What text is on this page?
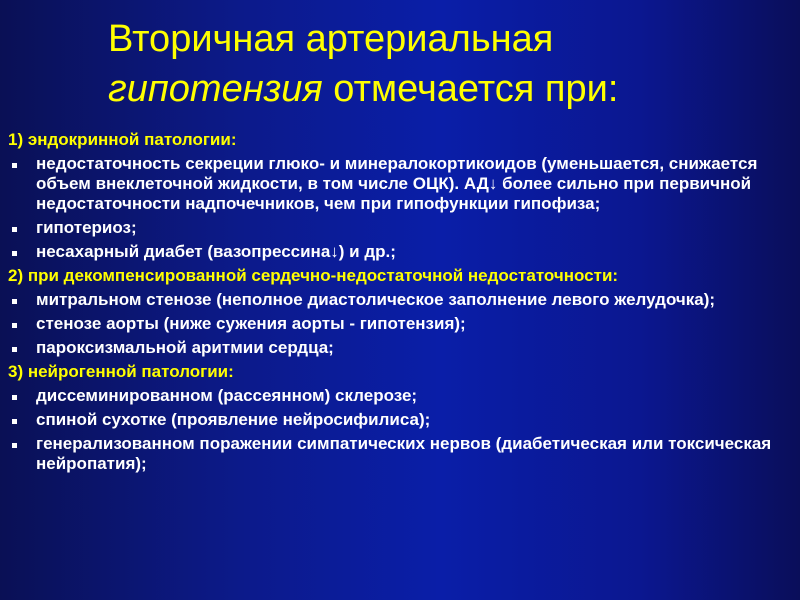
Вторичная артериальная
гипотензия отмечается при:
1) эндокринной патологии:
недостаточность секреции глюко- и минералокортикоидов (уменьшается, снижается объем внеклеточной жидкости, в том числе ОЦК). АД↓ более сильно при первичной недостаточности надпочечников, чем при гипофункции гипофиза;
гипотериоз;
несахарный диабет (вазопрессина↓) и др.;
2) при декомпенсированной сердечно-недостаточной недостаточности:
митральном стенозе (неполное диастолическое заполнение левого желудочка);
стенозе аорты (ниже сужения аорты - гипотензия);
пароксизмальной аритмии сердца;
3) нейрогенной патологии:
диссеминированном (рассеянном) склерозе;
спиной сухотке (проявление нейросифилиса);
генерализованном поражении симпатических нервов (диабетическая или токсическая нейропатия);
